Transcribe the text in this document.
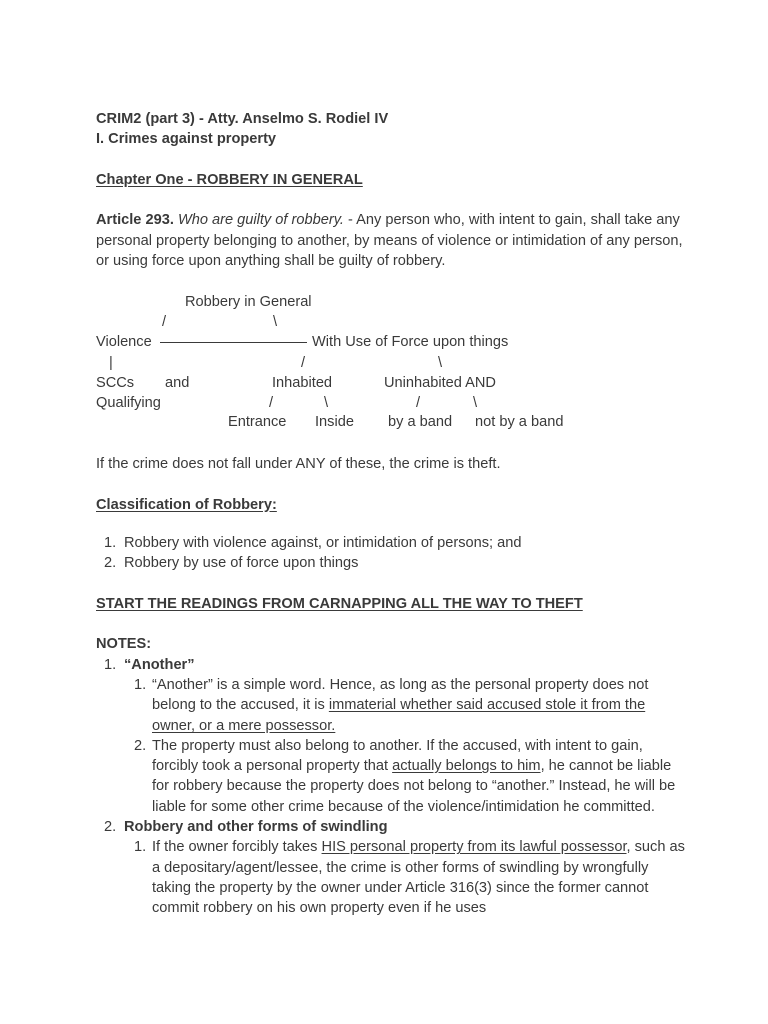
CRIM2 (part 3) - Atty. Anselmo S. Rodiel IV
I. Crimes against property
Chapter One - ROBBERY IN GENERAL
Article 293. Who are guilty of robbery. - Any person who, with intent to gain, shall take any personal property belonging to another, by means of violence or intimidation of any person, or using force upon anything shall be guilty of robbery.
Robbery in General
/	\
Violence	With Use of Force upon things
|	/	\
SCCs and	Inhabited	Uninhabited AND
Qualifying	/	\	/	\
Entrance Inside by a band not by a band
If the crime does not fall under ANY of these, the crime is theft.
Classification of Robbery:
1. Robbery with violence against, or intimidation of persons; and
2. Robbery by use of force upon things
START THE READINGS FROM CARNAPPING ALL THE WAY TO THEFT
NOTES:
1. “Another”
1. “Another” is a simple word. Hence, as long as the personal property does not belong to the accused, it is immaterial whether said accused stole it from the owner, or a mere possessor.
2. The property must also belong to another. If the accused, with intent to gain, forcibly took a personal property that actually belongs to him, he cannot be liable for robbery because the property does not belong to “another.” Instead, he will be liable for some other crime because of the violence/intimidation he committed.
2. Robbery and other forms of swindling
1. If the owner forcibly takes HIS personal property from its lawful possessor, such as a depositary/agent/lessee, the crime is other forms of swindling by wrongfully taking the property by the owner under Article 316(3) since the former cannot commit robbery on his own property even if he uses
